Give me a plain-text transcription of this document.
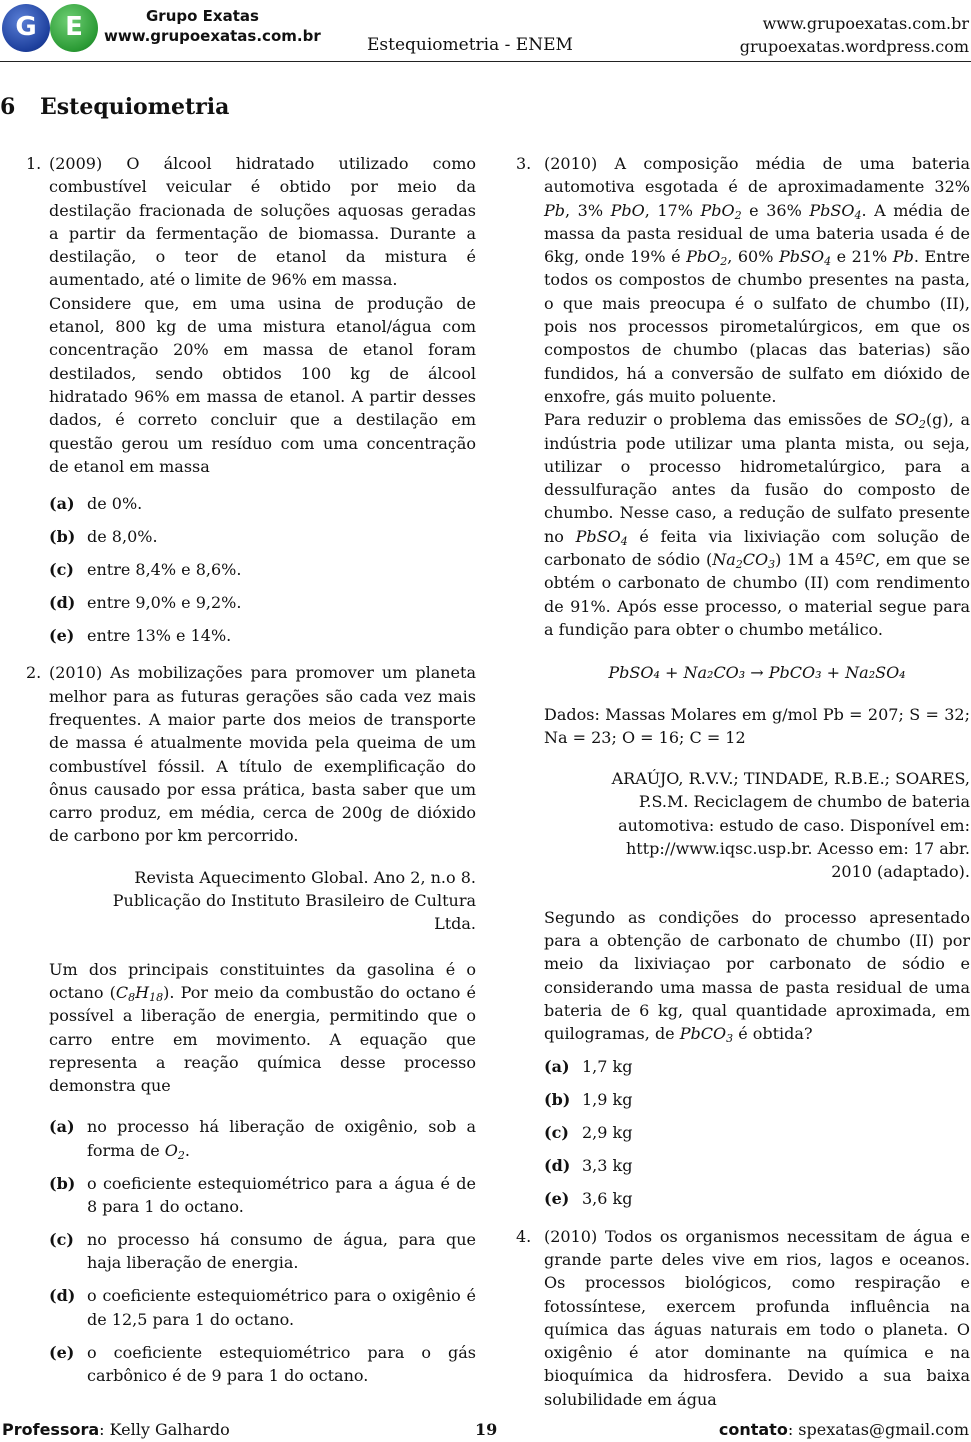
G	E	Grupo Exatas
www.grupoexatas.com.br	Estequiometria - ENEM
www.grupoexatas.com.br
grupoexatas.wordpress.com
6 Estequiometria
1. (2009) O álcool hidratado utilizado como combustível veicular é obtido por meio da destilação fracionada de soluções aquosas geradas a partir da fermentação de biomassa. Durante a destilação, o teor de etanol da mistura é aumentado, até o limite de 96% em massa.

Considere que, em uma usina de produção de etanol, 800 kg de uma mistura etanol/água com concentração 20% em massa de etanol foram destilados, sendo obtidos 100 kg de álcool hidratado 96% em massa de etanol. A partir desses dados, é correto concluir que a destilação em questão gerou um resíduo com uma concentração de etanol em massa

(a) de 0%.
(b) de 8,0%.
(c) entre 8,4% e 8,6%.
(d) entre 9,0% e 9,2%.
(e) entre 13% e 14%.
2. (2010) As mobilizações para promover um planeta melhor para as futuras gerações são cada vez mais frequentes. A maior parte dos meios de transporte de massa é atualmente movida pela queima de um combustível fóssil. A título de exemplificação do ônus causado por essa prática, basta saber que um carro produz, em média, cerca de 200g de dióxido de carbono por km percorrido.

Revista Aquecimento Global. Ano 2, n.o 8.
Publicação do Instituto Brasileiro de Cultura
Ltda.

Um dos principais constituintes da gasolina é o octano $(C_8H_{18})$. Por meio da combustão do octano é possível a liberação de energia, permitindo que o carro entre em movimento. A equação que representa a reação química desse processo demonstra que

(a) no processo há liberação de oxigênio, sob a forma de $O_2$.
(b) o coeficiente estequiométrico para a água é de 8 para 1 do octano.
(c) no processo há consumo de água, para que haja liberação de energia.
(d) o coeficiente estequiométrico para o oxigênio é de 12,5 para 1 do octano.
(e) o coeficiente estequiométrico para o gás carbônico é de 9 para 1 do octano.
3. (2010) A composição média de uma bateria automotiva esgotada é de aproximadamente 32% Pb, 3% PbO, 17% PbO$_2$ e 36% PbSO$_4$. A média de massa da pasta residual de uma bateria usada é de 6kg, onde 19% é PbO$_2$, 60% PbSO$_4$ e 21% Pb. Entre todos os compostos de chumbo presentes na pasta, o que mais preocupa é o sulfato de chumbo (II), pois nos processos pirometalúrgicos, em que os compostos de chumbo (placas das baterias) são fundidos, há a conversão de sulfato em dióxido de enxofre, gás muito poluente.

Para reduzir o problema das emissões de $SO_2(g)$, a indústria pode utilizar uma planta mista, ou seja, utilizar o processo hidrometalúrgico, para a dessulfuração antes da fusão do composto de chumbo. Nesse caso, a redução de sulfato presente no PbSO$_4$ é feita via lixiviação com solução de carbonato de sódio $(Na_2CO_3)$ 1M a 45ºC, em que se obtém o carbonato de chumbo (II) com rendimento de 91%. Após esse processo, o material segue para a fundição para obter o chumbo metálico.

PbSO₄ + Na₂CO₃ → PbCO₃ + Na₂SO₄

Dados: Massas Molares em g/mol Pb = 207; S = 32; Na = 23; O = 16; C = 12

ARAÚJO, R.V.V.; TINDADE, R.B.E.; SOARES, P.S.M. Reciclagem de chumbo de bateria automotiva: estudo de caso. Disponível em: http://www.iqsc.usp.br. Acesso em: 17 abr. 2010 (adaptado).

Segundo as condições do processo apresentado para a obtenção de carbonato de chumbo (II) por meio da lixiviaçao por carbonato de sódio e considerando uma massa de pasta residual de uma bateria de 6 kg, qual quantidade aproximada, em quilogramas, de PbCO$_3$ é obtida?

(a) 1,7 kg
(b) 1,9 kg
(c) 2,9 kg
(d) 3,3 kg
(e) 3,6 kg
4. (2010) Todos os organismos necessitam de água e grande parte deles vive em rios, lagos e oceanos. Os processos biológicos, como respiração e fotossíntese, exercem profunda influência na química das águas naturais em todo o planeta. O oxigênio é ator dominante na química e na bioquímica da hidrosfera. Devido a sua baixa solubilidade em água

Professora: Kelly Galhardo	19	contato: spexatas@gmail.com
